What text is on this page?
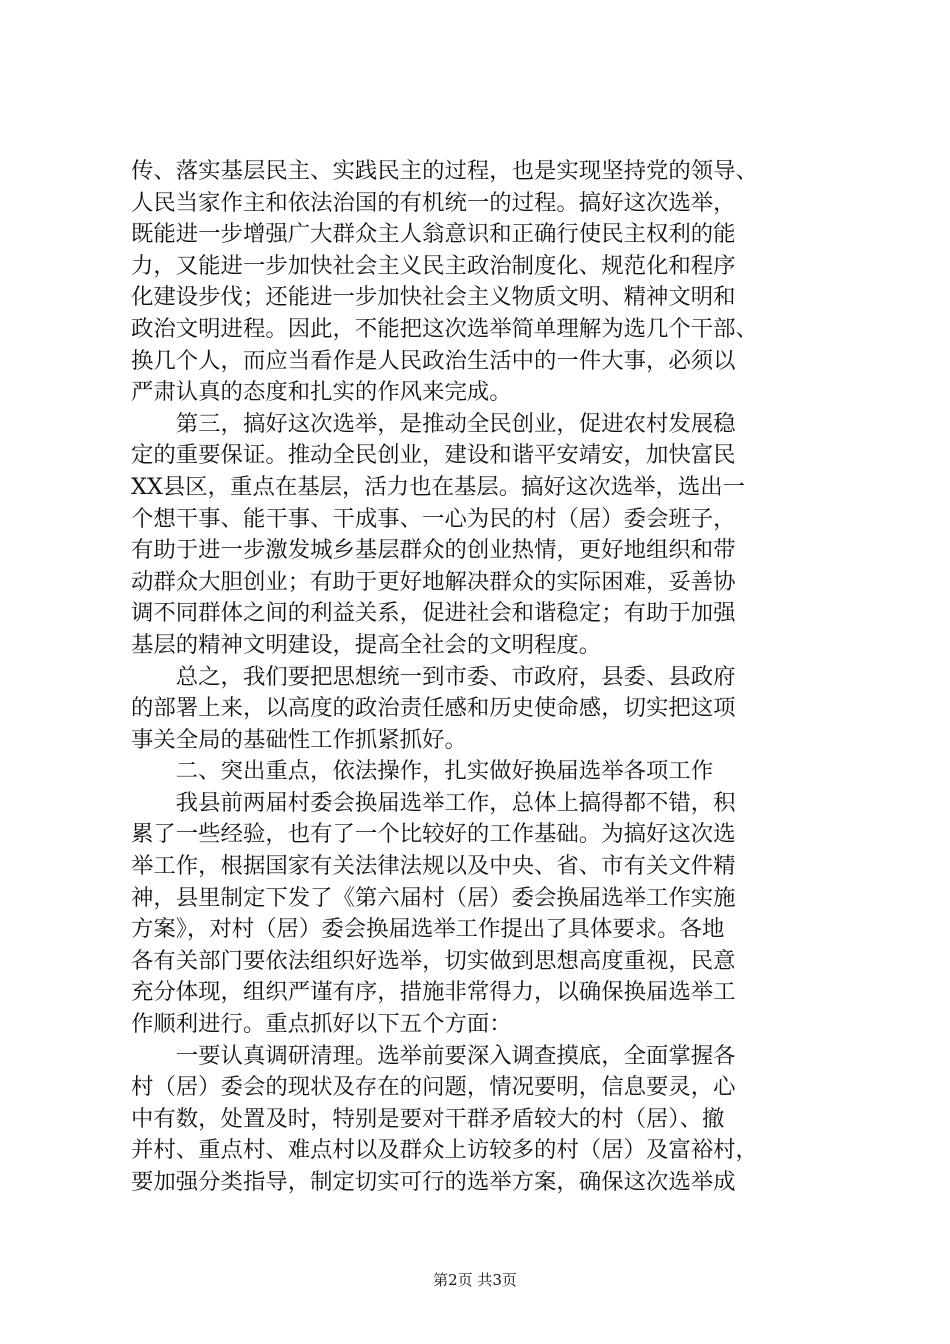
传、落实基层民主、实践民主的过程，也是实现坚持党的领导、
人民当家作主和依法治国的有机统一的过程。搞好这次选举，
既能进一步增强广大群众主人翁意识和正确行使民主权利的能
力，又能进一步加快社会主义民主政治制度化、规范化和程序
化建设步伐；还能进一步加快社会主义物质文明、精神文明和
政治文明进程。因此，不能把这次选举简单理解为选几个干部、
换几个人，而应当看作是人民政治生活中的一件大事，必须以
严肃认真的态度和扎实的作风来完成。
　　第三，搞好这次选举，是推动全民创业，促进农村发展稳
定的重要保证。推动全民创业，建设和谐平安靖安，加快富民
XX县区，重点在基层，活力也在基层。搞好这次选举，选出一
个想干事、能干事、干成事、一心为民的村（居）委会班子，
有助于进一步激发城乡基层群众的创业热情，更好地组织和带
动群众大胆创业；有助于更好地解决群众的实际困难，妥善协
调不同群体之间的利益关系，促进社会和谐稳定；有助于加强
基层的精神文明建设，提高全社会的文明程度。
　　总之，我们要把思想统一到市委、市政府，县委、县政府
的部署上来，以高度的政治责任感和历史使命感，切实把这项
事关全局的基础性工作抓紧抓好。
　　二、突出重点，依法操作，扎实做好换届选举各项工作
　　我县前两届村委会换届选举工作，总体上搞得都不错，积
累了一些经验，也有了一个比较好的工作基础。为搞好这次选
举工作，根据国家有关法律法规以及中央、省、市有关文件精
神，县里制定下发了《第六届村（居）委会换届选举工作实施
方案》，对村（居）委会换届选举工作提出了具体要求。各地
各有关部门要依法组织好选举，切实做到思想高度重视，民意
充分体现，组织严谨有序，措施非常得力，以确保换届选举工
作顺利进行。重点抓好以下五个方面：
　　一要认真调研清理。选举前要深入调查摸底，全面掌握各
村（居）委会的现状及存在的问题，情况要明，信息要灵，心
中有数，处置及时，特别是要对干群矛盾较大的村（居）、撤
并村、重点村、难点村以及群众上访较多的村（居）及富裕村，
要加强分类指导，制定切实可行的选举方案，确保这次选举成
第2页 共3页
